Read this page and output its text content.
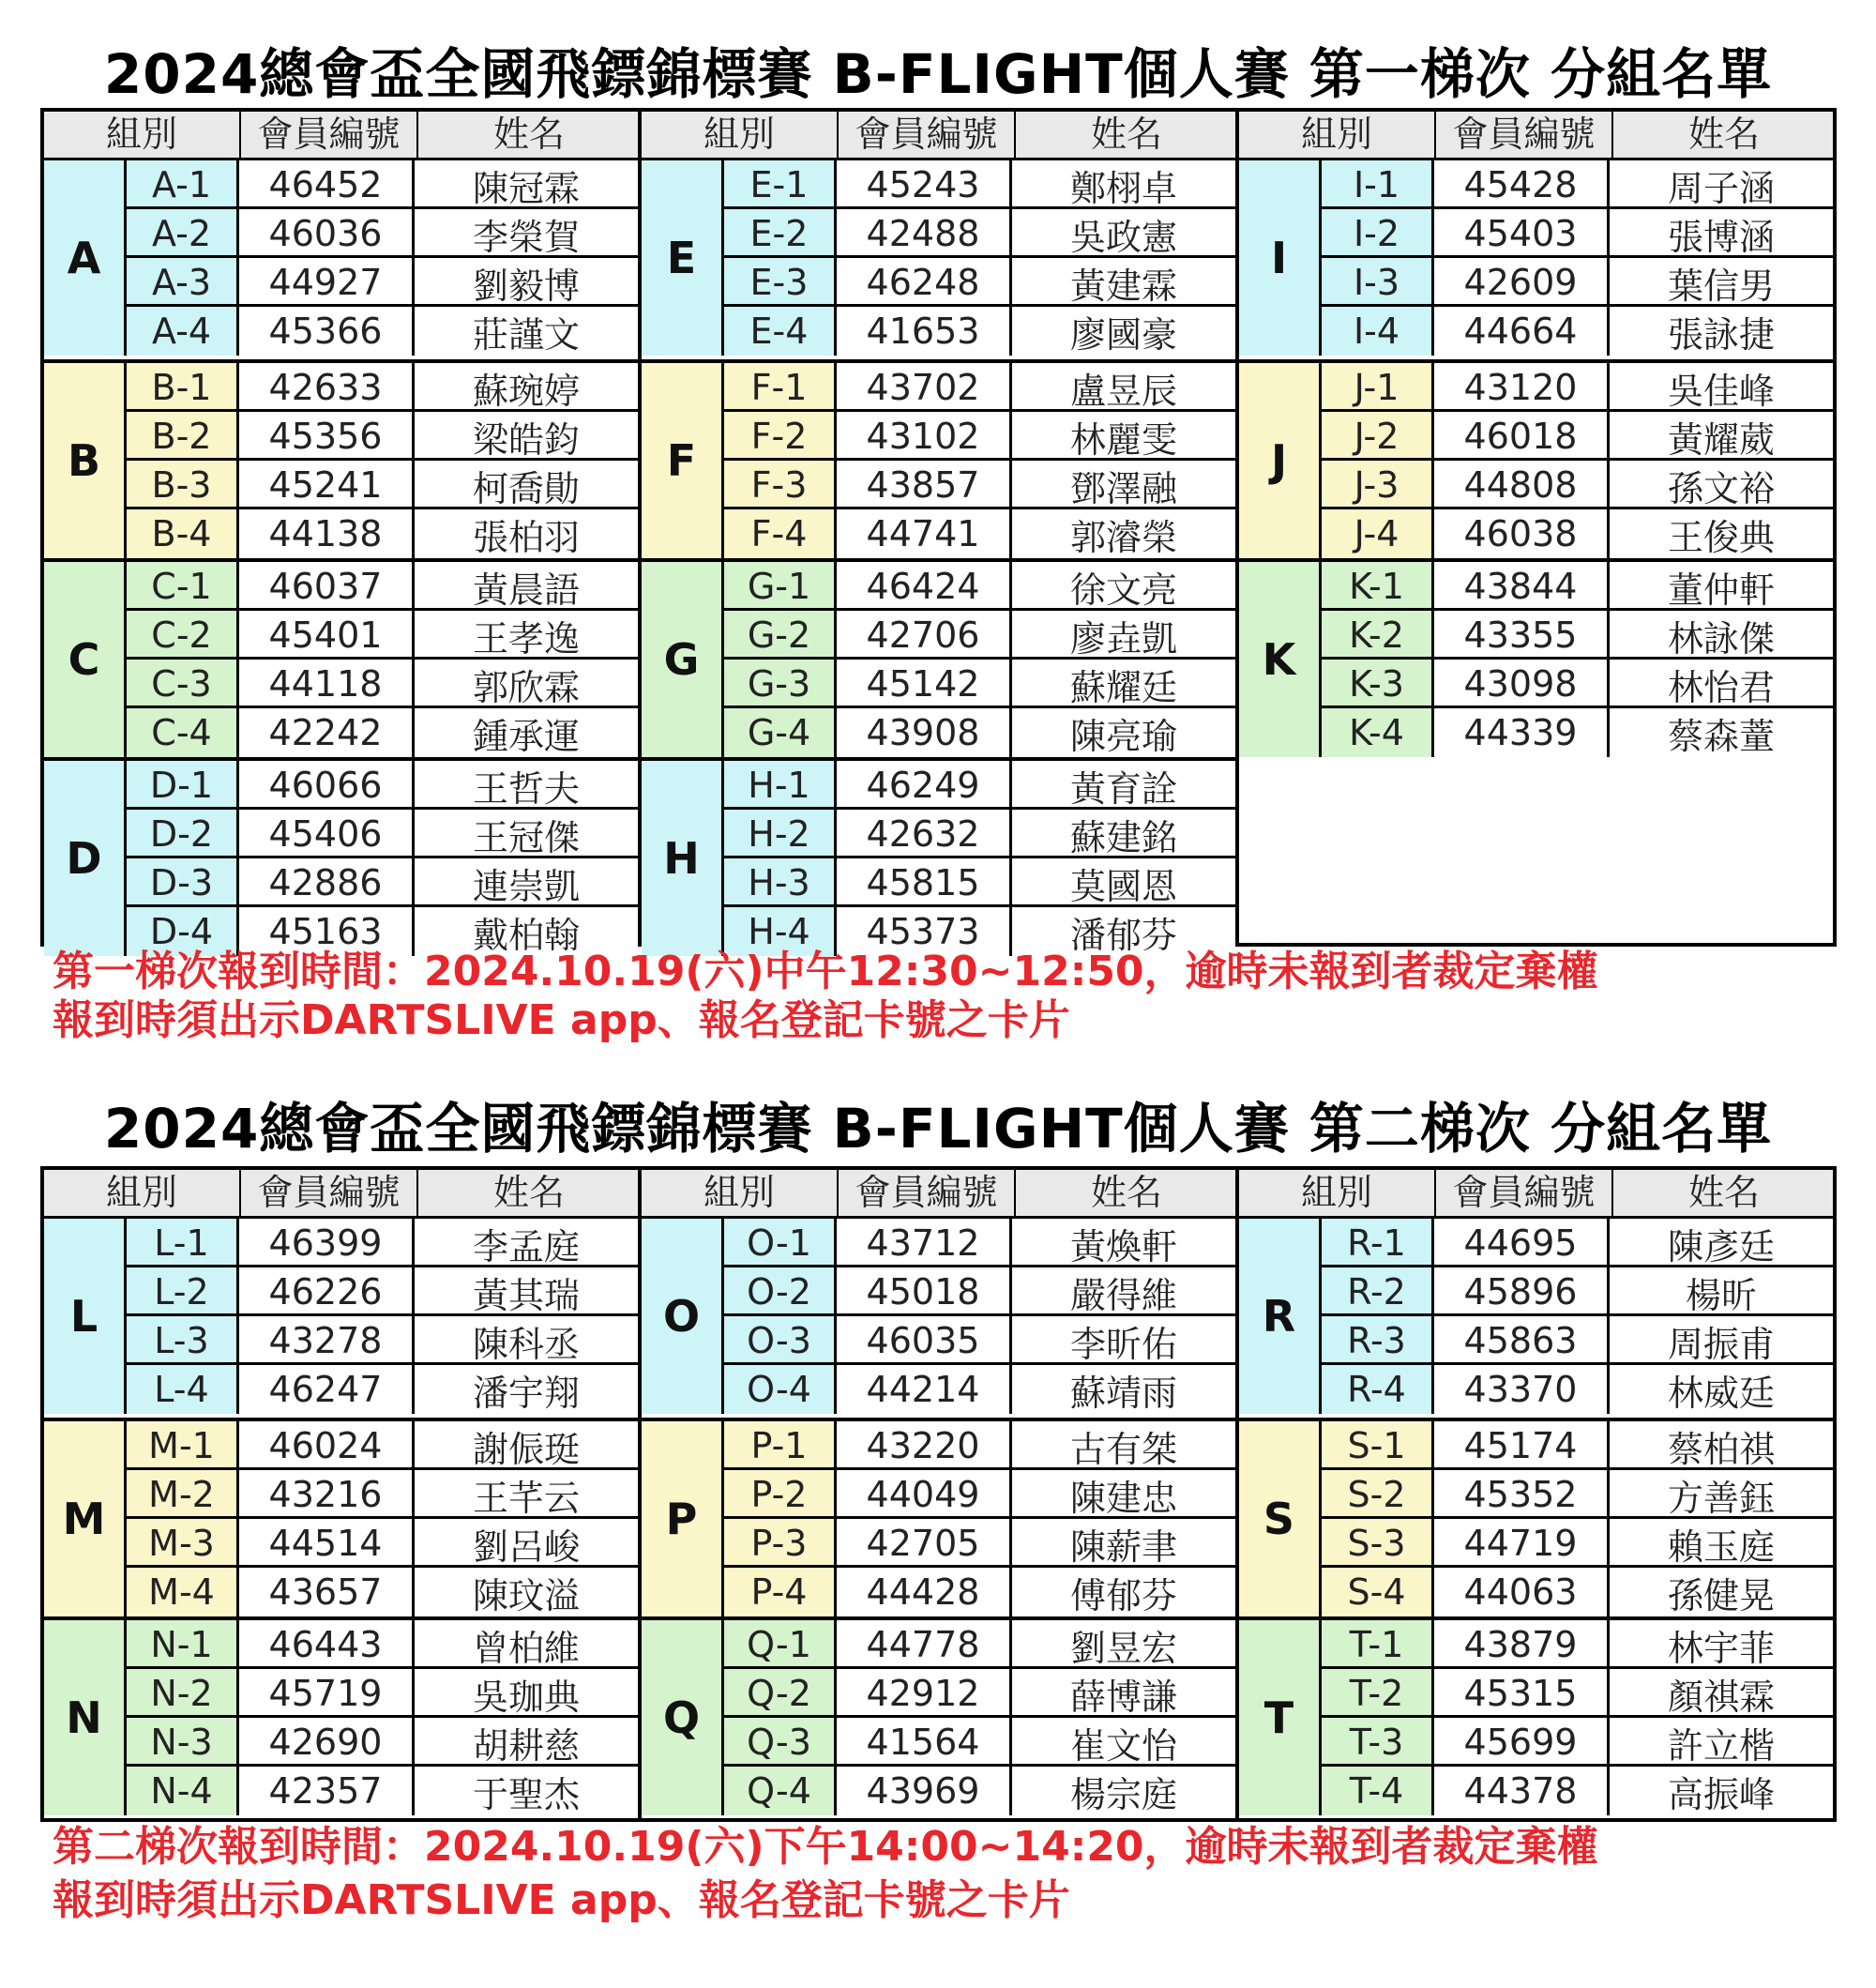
2024總會盃全國飛鏢錦標賽 B-FLIGHT個人賽 第一梯次 分組名單
組別	會員編號	姓名
A
A-1	46452	陳冠霖
A-2	46036	李榮賀
A-3	44927	劉毅博
A-4	45366	莊謹文
B
B-1	42633	蘇琬婷
B-2	45356	梁皓鈞
B-3	45241	柯喬勛
B-4	44138	張柏羽
C
C-1	46037	黃晨語
C-2	45401	王孝逸
C-3	44118	郭欣霖
C-4	42242	鍾承運
D
D-1	46066	王哲夫
D-2	45406	王冠傑
D-3	42886	連崇凱
D-4	45163	戴柏翰
組別	會員編號	姓名
E
E-1	45243	鄭栩卓
E-2	42488	吳政憲
E-3	46248	黃建霖
E-4	41653	廖國豪
F
F-1	43702	盧昱辰
F-2	43102	林麗雯
F-3	43857	鄧澤融
F-4	44741	郭濬榮
G
G-1	46424	徐文亮
G-2	42706	廖垚凱
G-3	45142	蘇耀廷
G-4	43908	陳亮瑜
H
H-1	46249	黃育詮
H-2	42632	蘇建銘
H-3	45815	莫國恩
H-4	45373	潘郁芬
組別	會員編號	姓名
I
I-1	45428	周子涵
I-2	45403	張博涵
I-3	42609	葉信男
I-4	44664	張詠捷
J
J-1	43120	吳佳峰
J-2	46018	黃耀葳
J-3	44808	孫文裕
J-4	46038	王俊典
K
K-1	43844	董仲軒
K-2	43355	林詠傑
K-3	43098	林怡君
K-4	44339	蔡森蕫
第一梯次報到時間：2024.10.19(六)中午12:30~12:50，逾時未報到者裁定棄權
報到時須出示DARTSLIVE app、報名登記卡號之卡片
2024總會盃全國飛鏢錦標賽 B-FLIGHT個人賽 第二梯次 分組名單
組別	會員編號	姓名
L
L-1	46399	李孟庭
L-2	46226	黃其瑞
L-3	43278	陳科丞
L-4	46247	潘宇翔
M
M-1	46024	謝侲珽
M-2	43216	王芊云
M-3	44514	劉呂峻
M-4	43657	陳玟溢
N
N-1	46443	曾柏維
N-2	45719	吳珈典
N-3	42690	胡耕慈
N-4	42357	于聖杰
組別	會員編號	姓名
O
O-1	43712	黃煥軒
O-2	45018	嚴得維
O-3	46035	李昕佑
O-4	44214	蘇靖雨
P
P-1	43220	古有桀
P-2	44049	陳建忠
P-3	42705	陳薪聿
P-4	44428	傅郁芬
Q
Q-1	44778	劉昱宏
Q-2	42912	薛博謙
Q-3	41564	崔文怡
Q-4	43969	楊宗庭
組別	會員編號	姓名
R
R-1	44695	陳彥廷
R-2	45896	楊昕
R-3	45863	周振甫
R-4	43370	林威廷
S
S-1	45174	蔡柏祺
S-2	45352	方善鈺
S-3	44719	賴玉庭
S-4	44063	孫健晃
T
T-1	43879	林宇菲
T-2	45315	顏祺霖
T-3	45699	許立楷
T-4	44378	高振峰
第二梯次報到時間：2024.10.19(六)下午14:00~14:20，逾時未報到者裁定棄權
報到時須出示DARTSLIVE app、報名登記卡號之卡片
